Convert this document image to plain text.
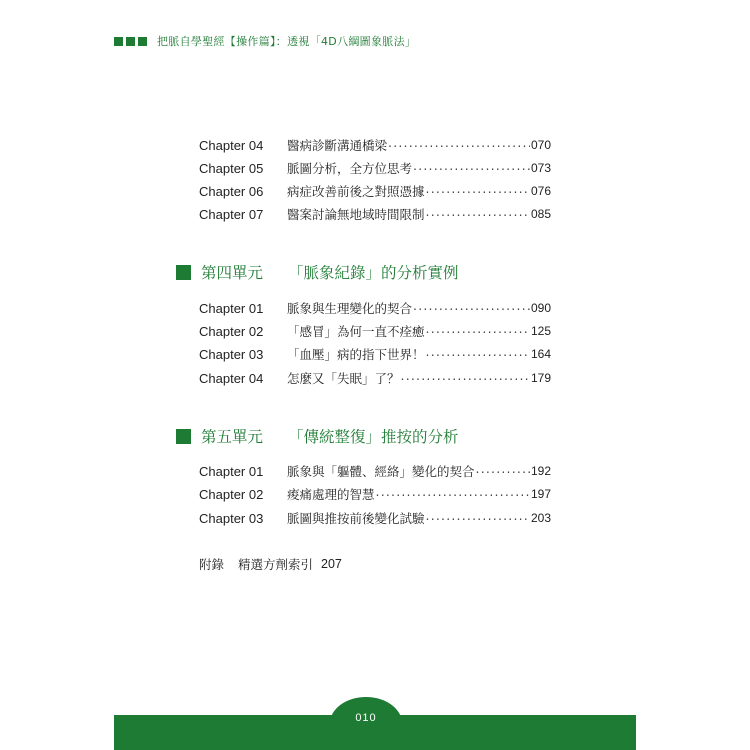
把脈自學聖經【操作篇】：透視「4D八綱圖象脈法」
Chapter 04	醫病診斷溝通橋梁 .....	070
Chapter 05	脈圖分析，全方位思考 .....	073
Chapter 06	病症改善前後之對照憑據 .....	076
Chapter 07	醫案討論無地域時間限制 .....	085
第四單元	「脈象紀錄」的分析實例
Chapter 01	脈象與生理變化的契合 .....	090
Chapter 02	「感冒」為何一直不痊癒 .....	125
Chapter 03	「血壓」病的指下世界！ .....	164
Chapter 04	怎麼又「失眠」了？ .....	179
第五單元	「傳統整復」推按的分析
Chapter 01	脈象與「軀體、經絡」變化的契合 .....	192
Chapter 02	痠痛處理的智慧 .....	197
Chapter 03	脈圖與推按前後變化試驗 .....	203
附錄 精選方劑索引 207
010
